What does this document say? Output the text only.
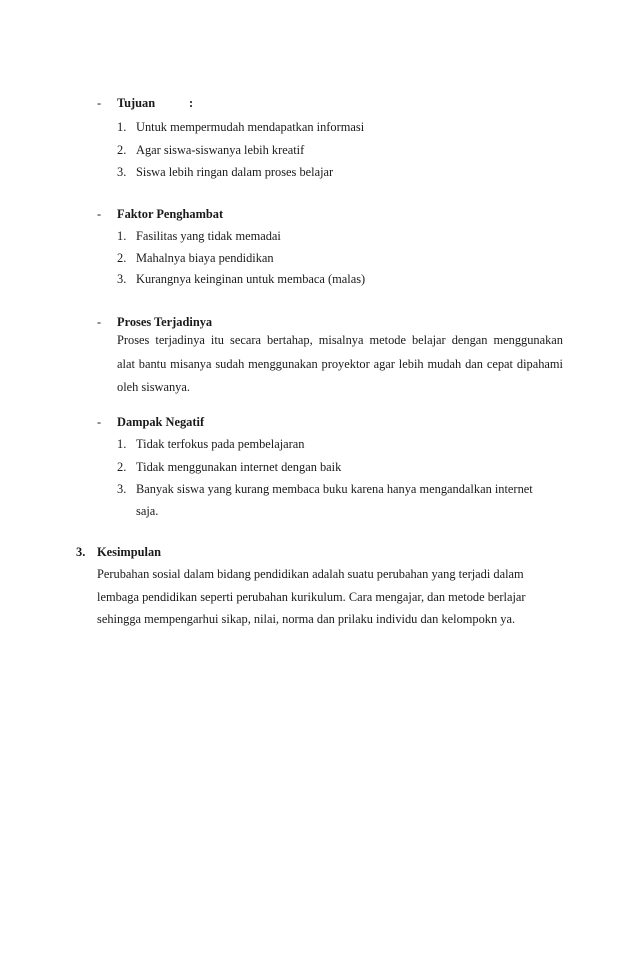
- Tujuan	:
1. Untuk mempermudah mendapatkan informasi
2. Agar siswa-siswanya lebih kreatif
3. Siswa lebih ringan dalam proses belajar
- Faktor Penghambat
1. Fasilitas yang tidak memadai
2. Mahalnya biaya pendidikan
3. Kurangnya keinginan untuk membaca (malas)
- Proses Terjadinya
Proses terjadinya itu secara bertahap, misalnya metode belajar dengan menggunakan
alat bantu misanya sudah menggunakan proyektor agar lebih mudah dan cepat dipahami
oleh siswanya.
- Dampak Negatif
1. Tidak terfokus pada pembelajaran
2. Tidak menggunakan internet dengan baik
3. Banyak siswa yang kurang membaca buku karena hanya mengandalkan internet
saja.
3. Kesimpulan
Perubahan sosial dalam bidang pendidikan adalah suatu perubahan yang terjadi dalam
lembaga pendidikan seperti perubahan kurikulum. Cara mengajar, dan metode berlajar
sehingga mempengarhui sikap, nilai, norma dan prilaku individu dan kelompokn ya.
